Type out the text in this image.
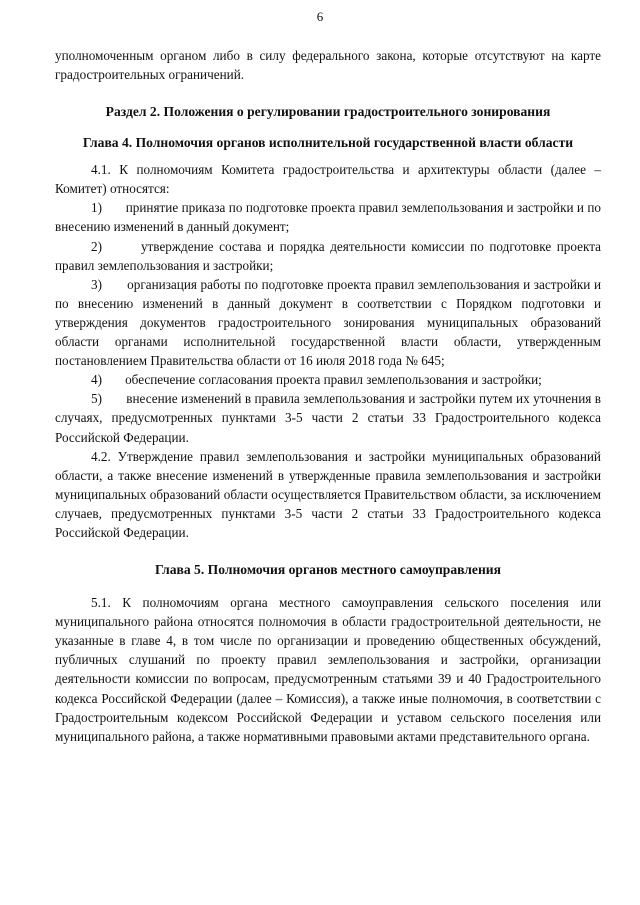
6

уполномоченным органом либо в силу федерального закона, которые отсутствуют на карте градостроительных ограничений.

Раздел 2. Положения о регулировании градостроительного зонирования

Глава 4. Полномочия органов исполнительной государственной власти области

4.1. К полномочиям Комитета градостроительства и архитектуры области (далее – Комитет) относятся:

1) принятие приказа по подготовке проекта правил землепользования и застройки и по внесению изменений в данный документ;

2)	утверждение состава и порядка деятельности комиссии по подготовке проекта правил землепользования и застройки;

3) организация работы по подготовке проекта правил землепользования и застройки и по внесению изменений в данный документ в соответствии с Порядком подготовки и утверждения документов градостроительного зонирования муниципальных образований области органами исполнительной государственной власти области, утвержденным постановлением Правительства области от 16 июля 2018 года № 645;

4) обеспечение согласования проекта правил землепользования и застройки;

5) внесение изменений в правила землепользования и застройки путем их уточнения в случаях, предусмотренных пунктами 3-5 части 2 статьи 33 Градостроительного кодекса Российской Федерации.

4.2. Утверждение правил землепользования и застройки муниципальных образований области, а также внесение изменений в утвержденные правила землепользования и застройки муниципальных образований области осуществляется Правительством области, за исключением случаев, предусмотренных пунктами 3-5 части 2 статьи 33 Градостроительного кодекса Российской Федерации.

Глава 5. Полномочия органов местного самоуправления

5.1. К полномочиям органа местного самоуправления сельского поселения или муниципального района относятся полномочия в области градостроительной деятельности, не указанные в главе 4, в том числе по организации и проведению общественных обсуждений, публичных слушаний по проекту правил землепользования и застройки, организации деятельности комиссии по вопросам, предусмотренным статьями 39 и 40 Градостроительного кодекса Российской Федерации (далее – Комиссия), а также иные полномочия, в соответствии с Градостроительным кодексом Российской Федерации и уставом сельского поселения или муниципального района, а также нормативными правовыми актами представительного органа.
